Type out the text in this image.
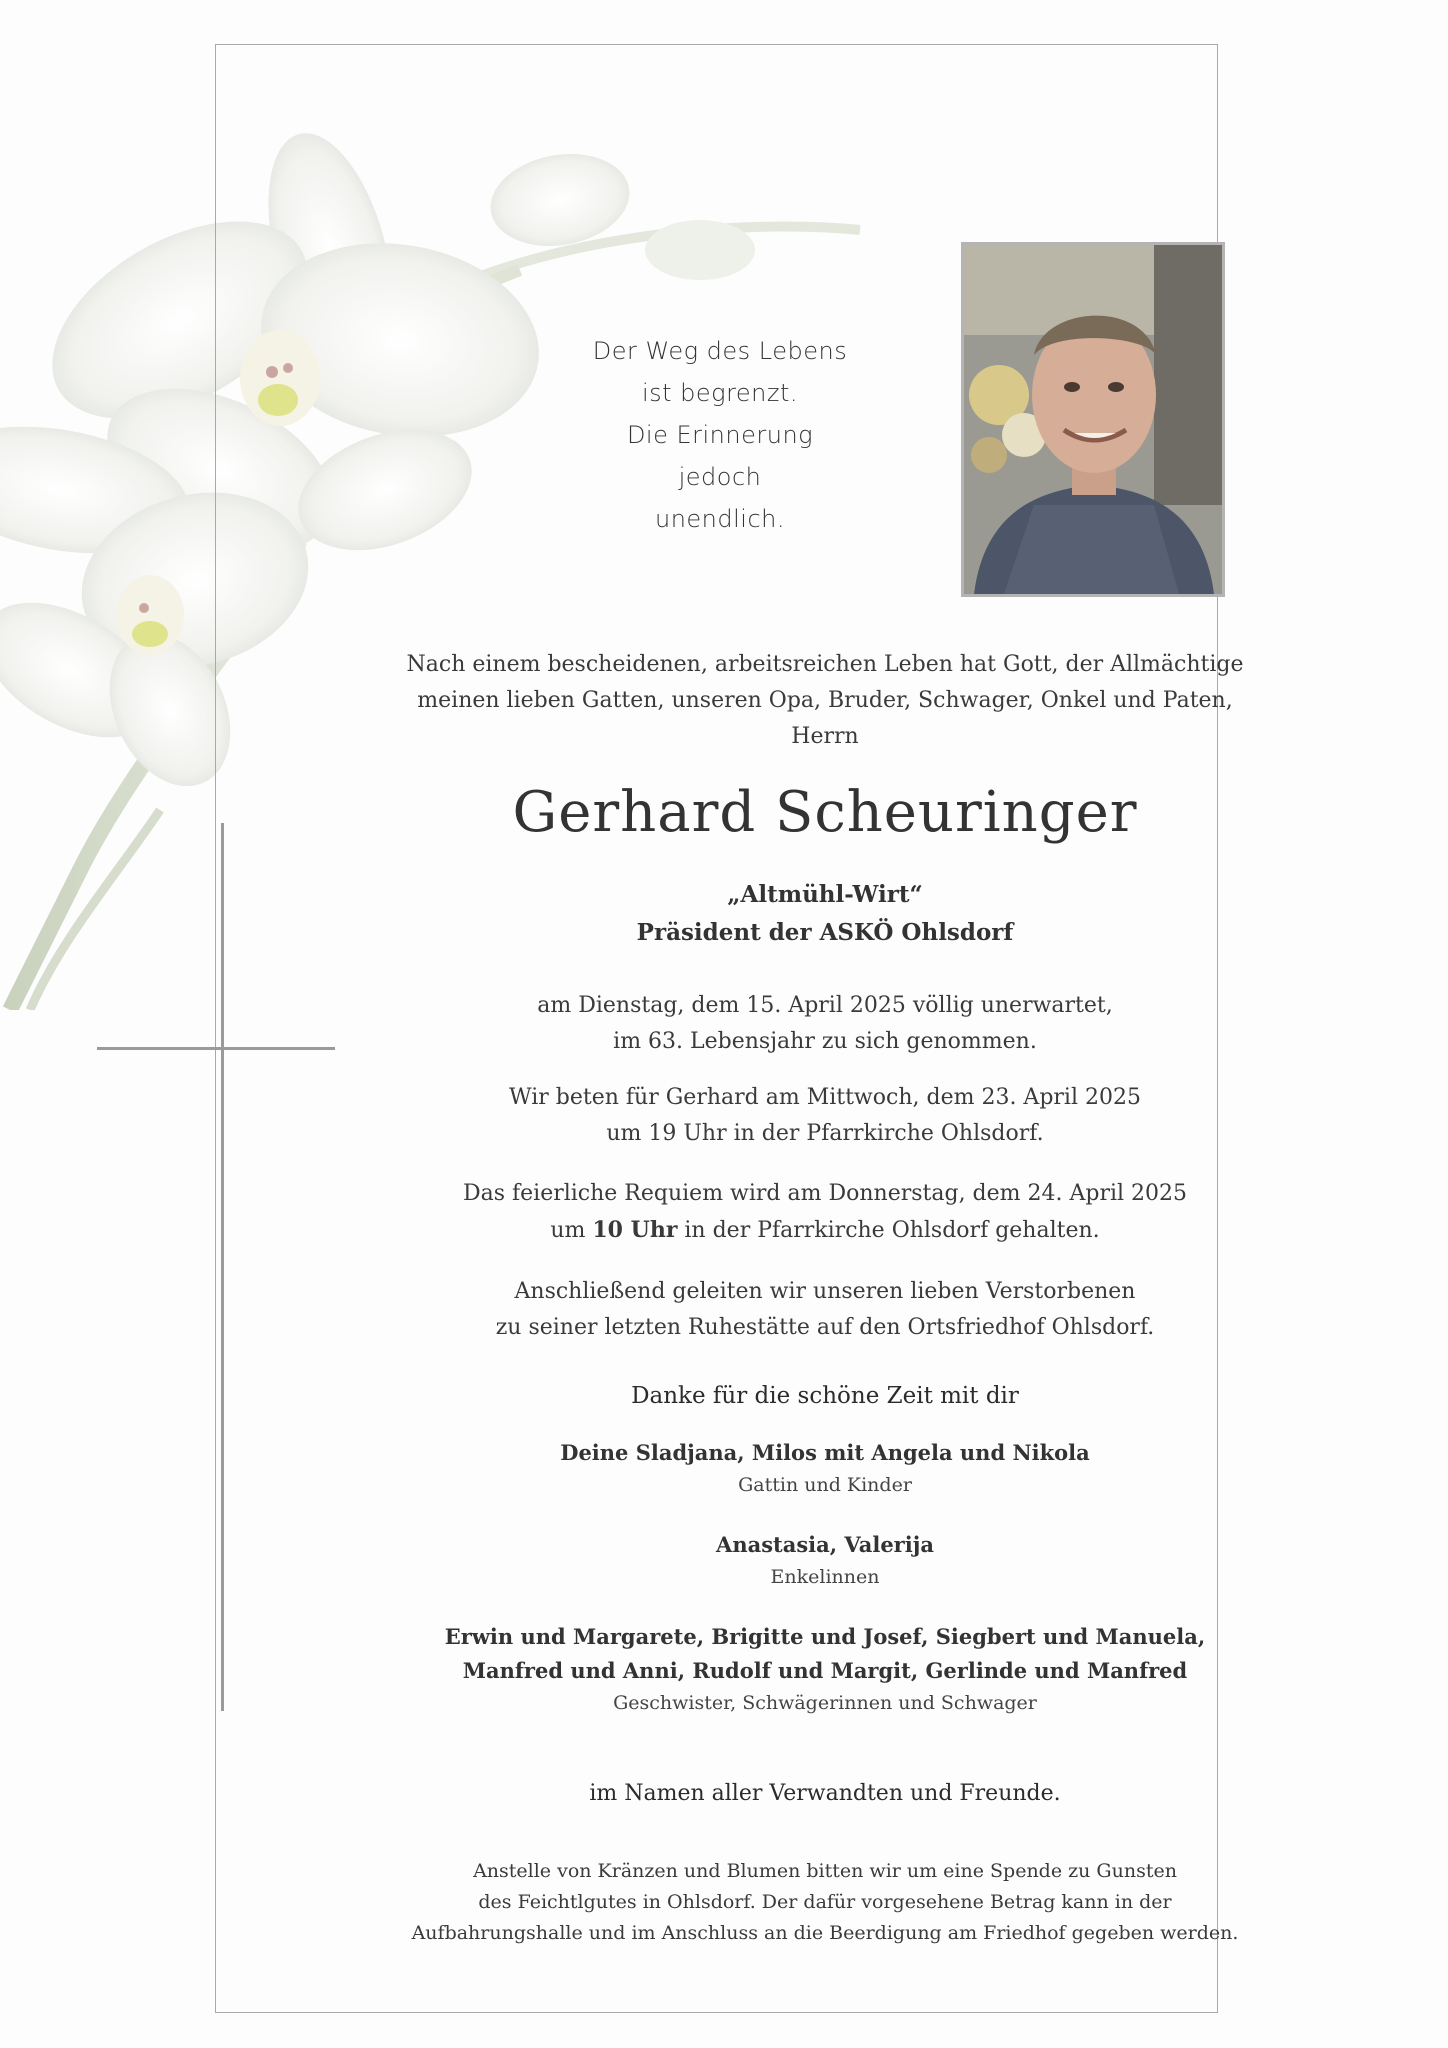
Der Weg des Lebens
ist begrenzt.
Die Erinnerung
jedoch
unendlich.
Nach einem bescheidenen, arbeitsreichen Leben hat Gott, der Allmächtige
meinen lieben Gatten, unseren Opa, Bruder, Schwager, Onkel und Paten,
Herrn
Gerhard Scheuringer
„Altmühl-Wirt“
Präsident der ASKÖ Ohlsdorf
am Dienstag, dem 15. April 2025 völlig unerwartet,
im 63. Lebensjahr zu sich genommen.
Wir beten für Gerhard am Mittwoch, dem 23. April 2025
um 19 Uhr in der Pfarrkirche Ohlsdorf.
Das feierliche Requiem wird am Donnerstag, dem 24. April 2025
um 10 Uhr in der Pfarrkirche Ohlsdorf gehalten.
Anschließend geleiten wir unseren lieben Verstorbenen
zu seiner letzten Ruhestätte auf den Ortsfriedhof Ohlsdorf.
Danke für die schöne Zeit mit dir
Deine Sladjana, Milos mit Angela und Nikola
Gattin und Kinder
Anastasia, Valerija
Enkelinnen
Erwin und Margarete, Brigitte und Josef, Siegbert und Manuela,
Manfred und Anni, Rudolf und Margit, Gerlinde und Manfred
Geschwister, Schwägerinnen und Schwager
im Namen aller Verwandten und Freunde.
Anstelle von Kränzen und Blumen bitten wir um eine Spende zu Gunsten
des Feichtlgutes in Ohlsdorf. Der dafür vorgesehene Betrag kann in der
Aufbahrungshalle und im Anschluss an die Beerdigung am Friedhof gegeben werden.
